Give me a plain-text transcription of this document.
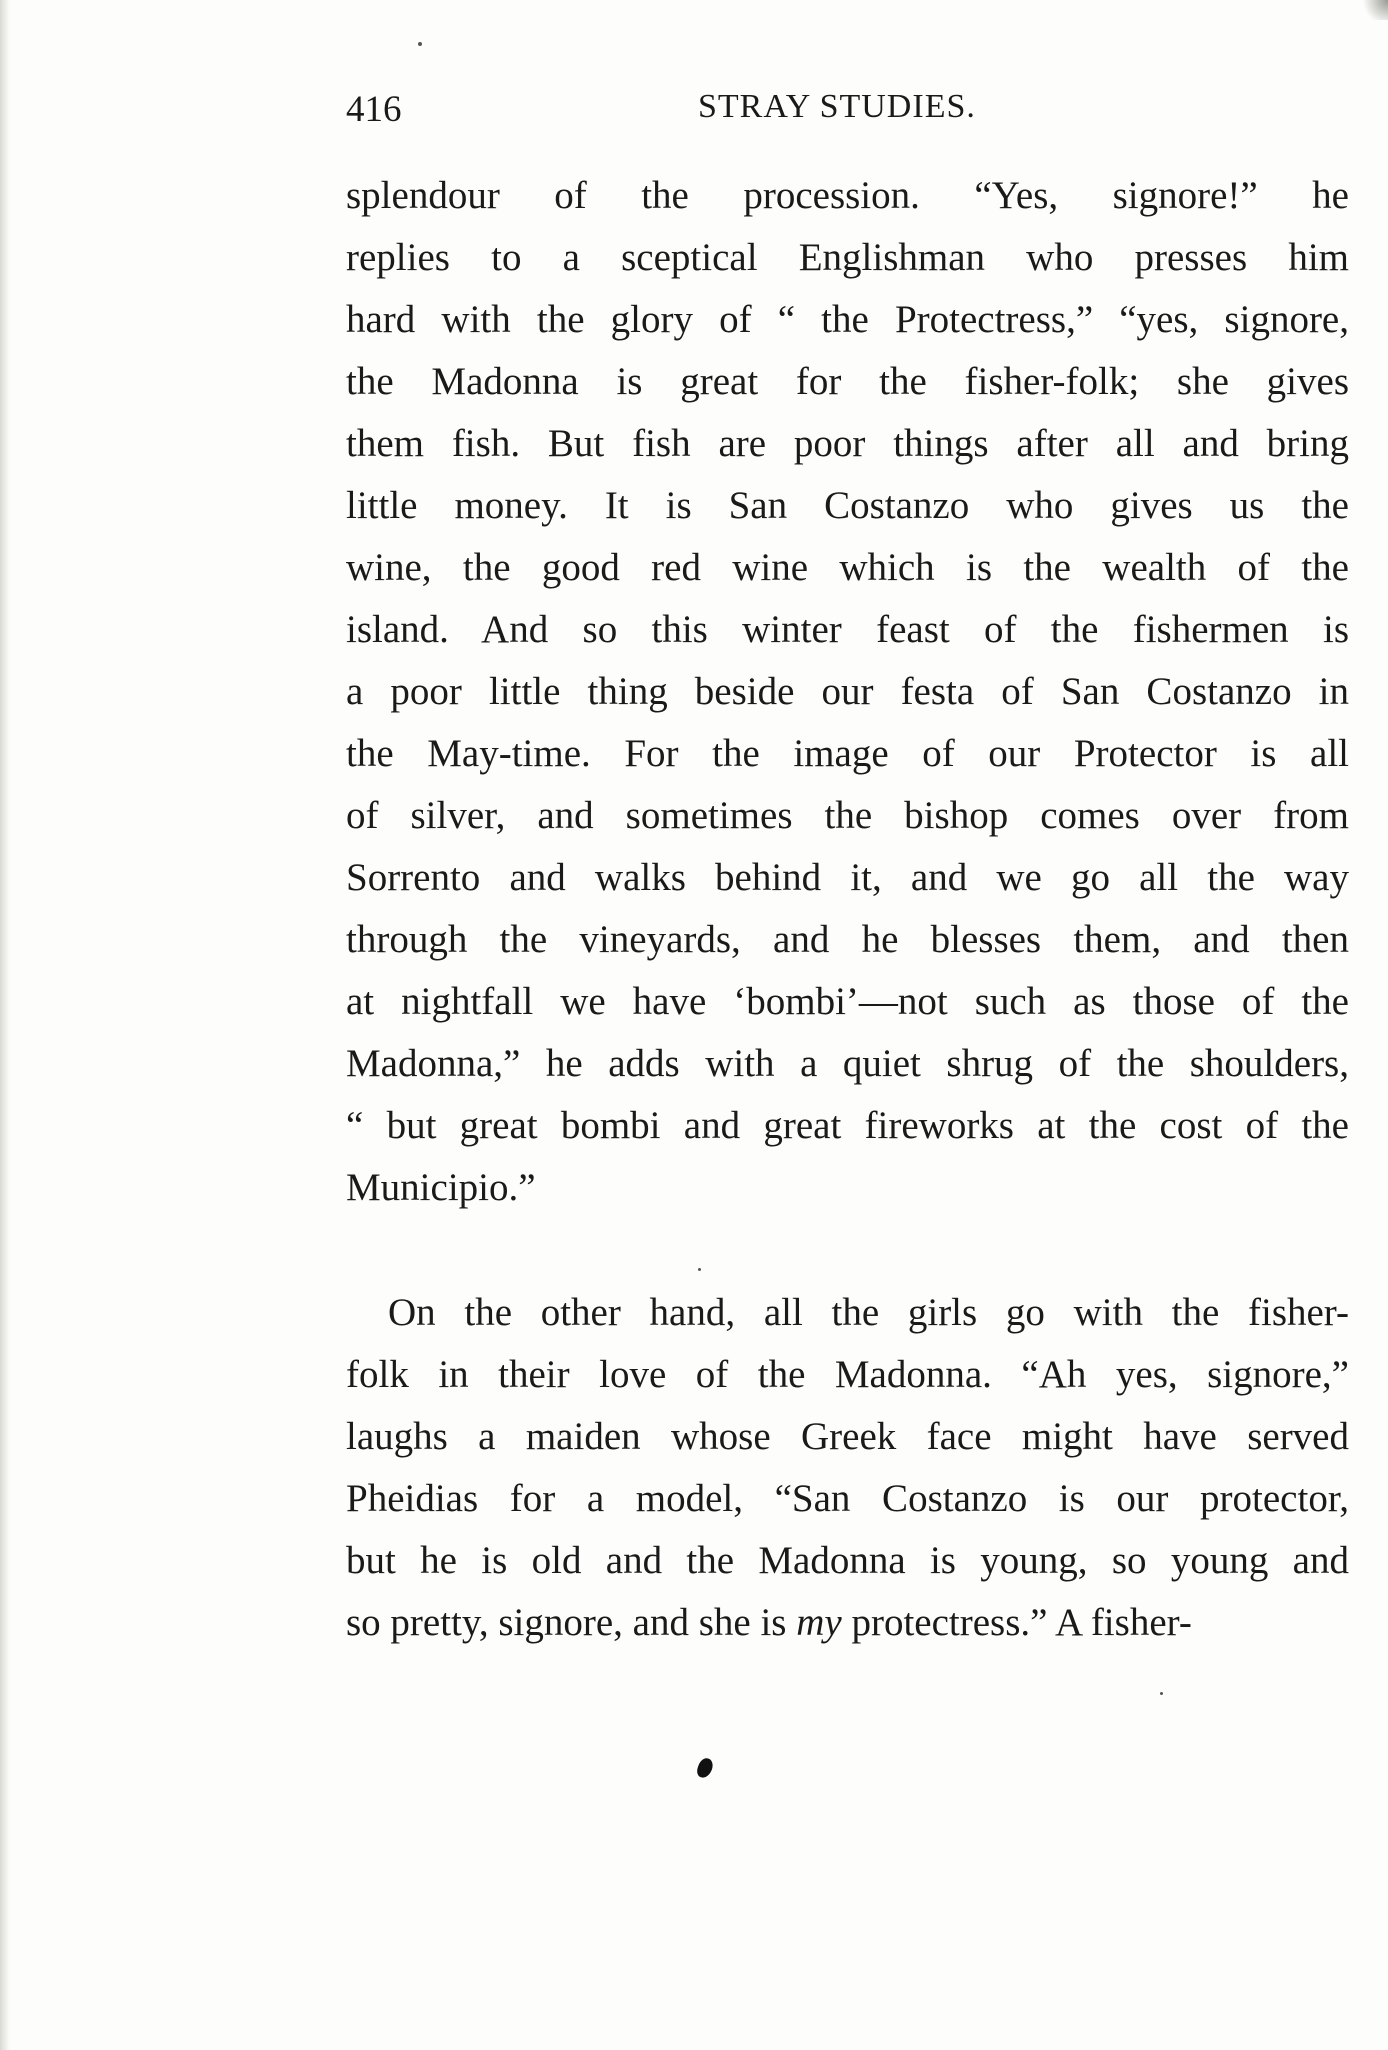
416	STRAY STUDIES.
splendour of the procession. “Yes, signore!” he
replies to a sceptical Englishman who presses him
hard with the glory of “ the Protectress,” “yes, signore,
the Madonna is great for the fisher-folk; she gives
them fish. But fish are poor things after all and bring
little money. It is San Costanzo who gives us the
wine, the good red wine which is the wealth of the
island. And so this winter feast of the fishermen is
a poor little thing beside our festa of San Costanzo in
the May-time. For the image of our Protector is all
of silver, and sometimes the bishop comes over from
Sorrento and walks behind it, and we go all the way
through the vineyards, and he blesses them, and then
at nightfall we have ‘bombi’—not such as those of the
Madonna,” he adds with a quiet shrug of the shoulders,
“ but great bombi and great fireworks at the cost of the
Municipio.”
On the other hand, all the girls go with the fisher-
folk in their love of the Madonna. “Ah yes, signore,”
laughs a maiden whose Greek face might have served
Pheidias for a model, “San Costanzo is our protector,
but he is old and the Madonna is young, so young and
so pretty, signore, and she is my protectress.” A fisher-
